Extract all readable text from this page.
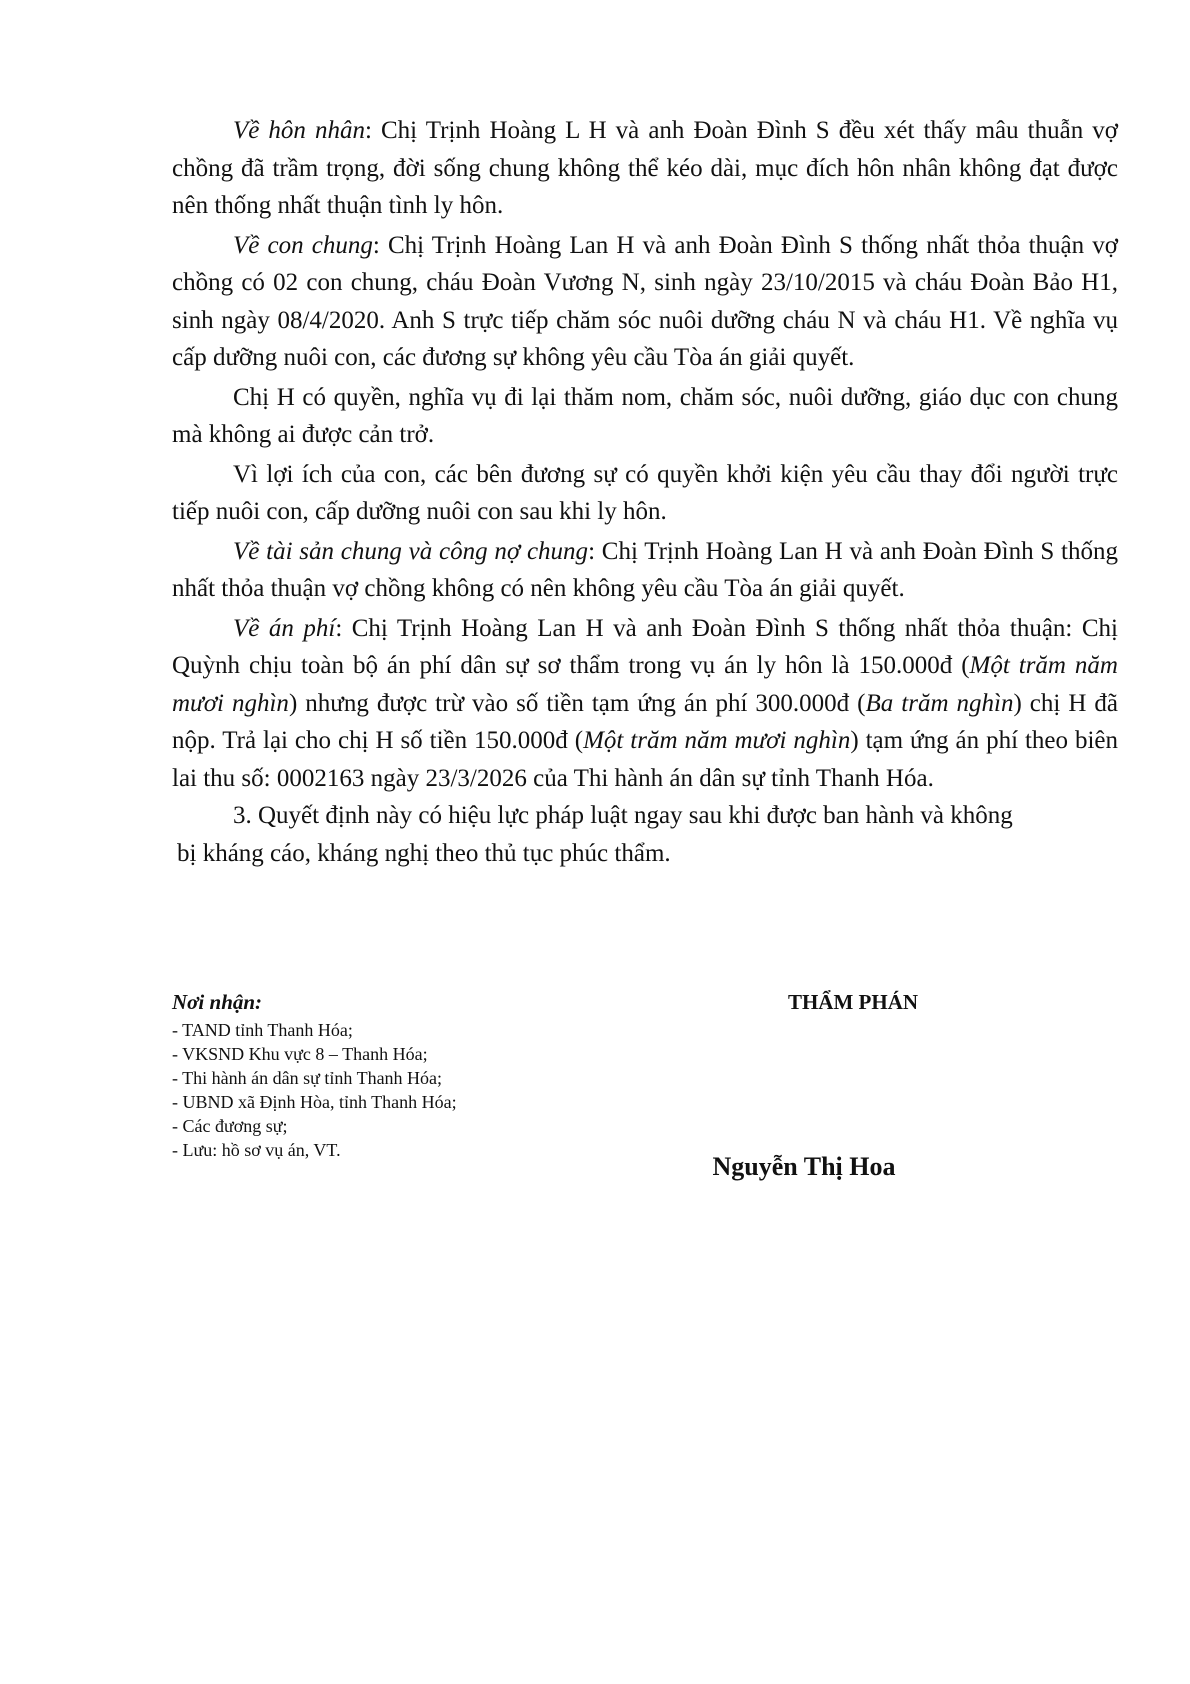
Về hôn nhân: Chị Trịnh Hoàng L H và anh Đoàn Đình S đều xét thấy mâu thuẫn vợ chồng đã trầm trọng, đời sống chung không thể kéo dài, mục đích hôn nhân không đạt được nên thống nhất thuận tình ly hôn.

Về con chung: Chị Trịnh Hoàng Lan H và anh Đoàn Đình S thống nhất thỏa thuận vợ chồng có 02 con chung, cháu Đoàn Vương N, sinh ngày 23/10/2015 và cháu Đoàn Bảo H1, sinh ngày 08/4/2020. Anh S trực tiếp chăm sóc nuôi dưỡng cháu N và cháu H1. Về nghĩa vụ cấp dưỡng nuôi con, các đương sự không yêu cầu Tòa án giải quyết.

Chị H có quyền, nghĩa vụ đi lại thăm nom, chăm sóc, nuôi dưỡng, giáo dục con chung mà không ai được cản trở.

Vì lợi ích của con, các bên đương sự có quyền khởi kiện yêu cầu thay đổi người trực tiếp nuôi con, cấp dưỡng nuôi con sau khi ly hôn.

Về tài sản chung và công nợ chung: Chị Trịnh Hoàng Lan H và anh Đoàn Đình S thống nhất thỏa thuận vợ chồng không có nên không yêu cầu Tòa án giải quyết.

Về án phí: Chị Trịnh Hoàng Lan H và anh Đoàn Đình S thống nhất thỏa thuận: Chị Quỳnh chịu toàn bộ án phí dân sự sơ thẩm trong vụ án ly hôn là 150.000đ (Một trăm năm mươi nghìn) nhưng được trừ vào số tiền tạm ứng án phí 300.000đ (Ba trăm nghìn) chị H đã nộp. Trả lại cho chị H số tiền 150.000đ (Một trăm năm mươi nghìn) tạm ứng án phí theo biên lai thu số: 0002163 ngày 23/3/2026 của Thi hành án dân sự tỉnh Thanh Hóa.

3. Quyết định này có hiệu lực pháp luật ngay sau khi được ban hành và không
bị kháng cáo, kháng nghị theo thủ tục phúc thẩm.

Nơi nhận:
- TAND tỉnh Thanh Hóa;
- VKSND Khu vực 8 – Thanh Hóa;
- Thi hành án dân sự tỉnh Thanh Hóa;
- UBND xã Định Hòa, tỉnh Thanh Hóa;
- Các đương sự;
- Lưu: hồ sơ vụ án, VT.
THẨM PHÁN
Nguyễn Thị Hoa
